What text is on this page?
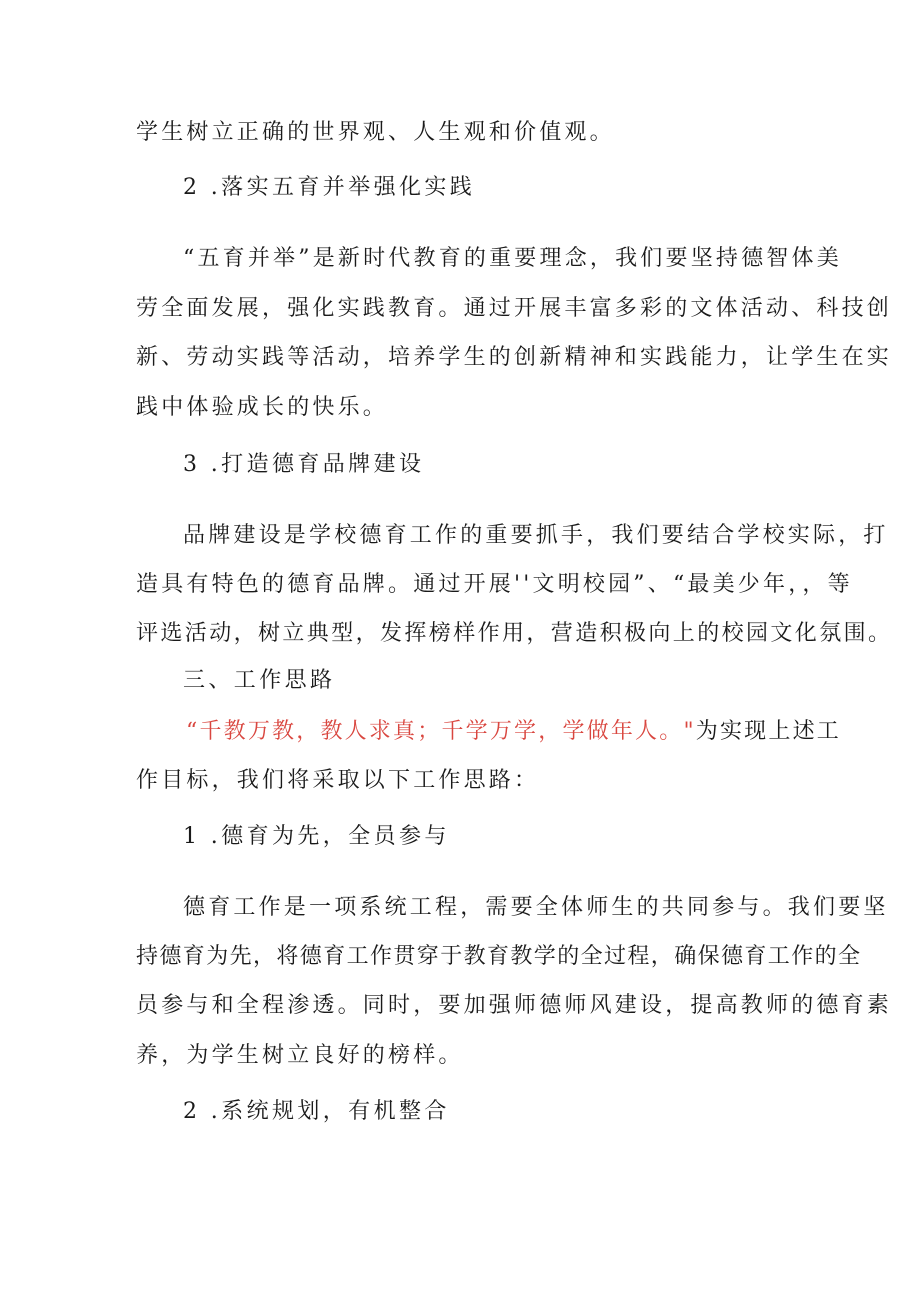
学生树立正确的世界观、人生观和价值观。
2 .落实五育并举强化实践
“五育并举”是新时代教育的重要理念，我们要坚持德智体美
劳全面发展，强化实践教育。通过开展丰富多彩的文体活动、科技创
新、劳动实践等活动，培养学生的创新精神和实践能力，让学生在实
践中体验成长的快乐。
3 .打造德育品牌建设
品牌建设是学校德育工作的重要抓手，我们要结合学校实际，打
造具有特色的德育品牌。通过开展''文明校园”、“最美少年，，等
评选活动，树立典型，发挥榜样作用，营造积极向上的校园文化氛围。
三、工作思路
“千教万教，教人求真；千学万学，学做年人。"为实现上述工
作目标，我们将采取以下工作思路：
1 .德育为先，全员参与
德育工作是一项系统工程，需要全体师生的共同参与。我们要坚
持德育为先，将德育工作贯穿于教育教学的全过程，确保德育工作的全
员参与和全程渗透。同时，要加强师德师风建设，提高教师的德育素
养，为学生树立良好的榜样。
2 .系统规划，有机整合
